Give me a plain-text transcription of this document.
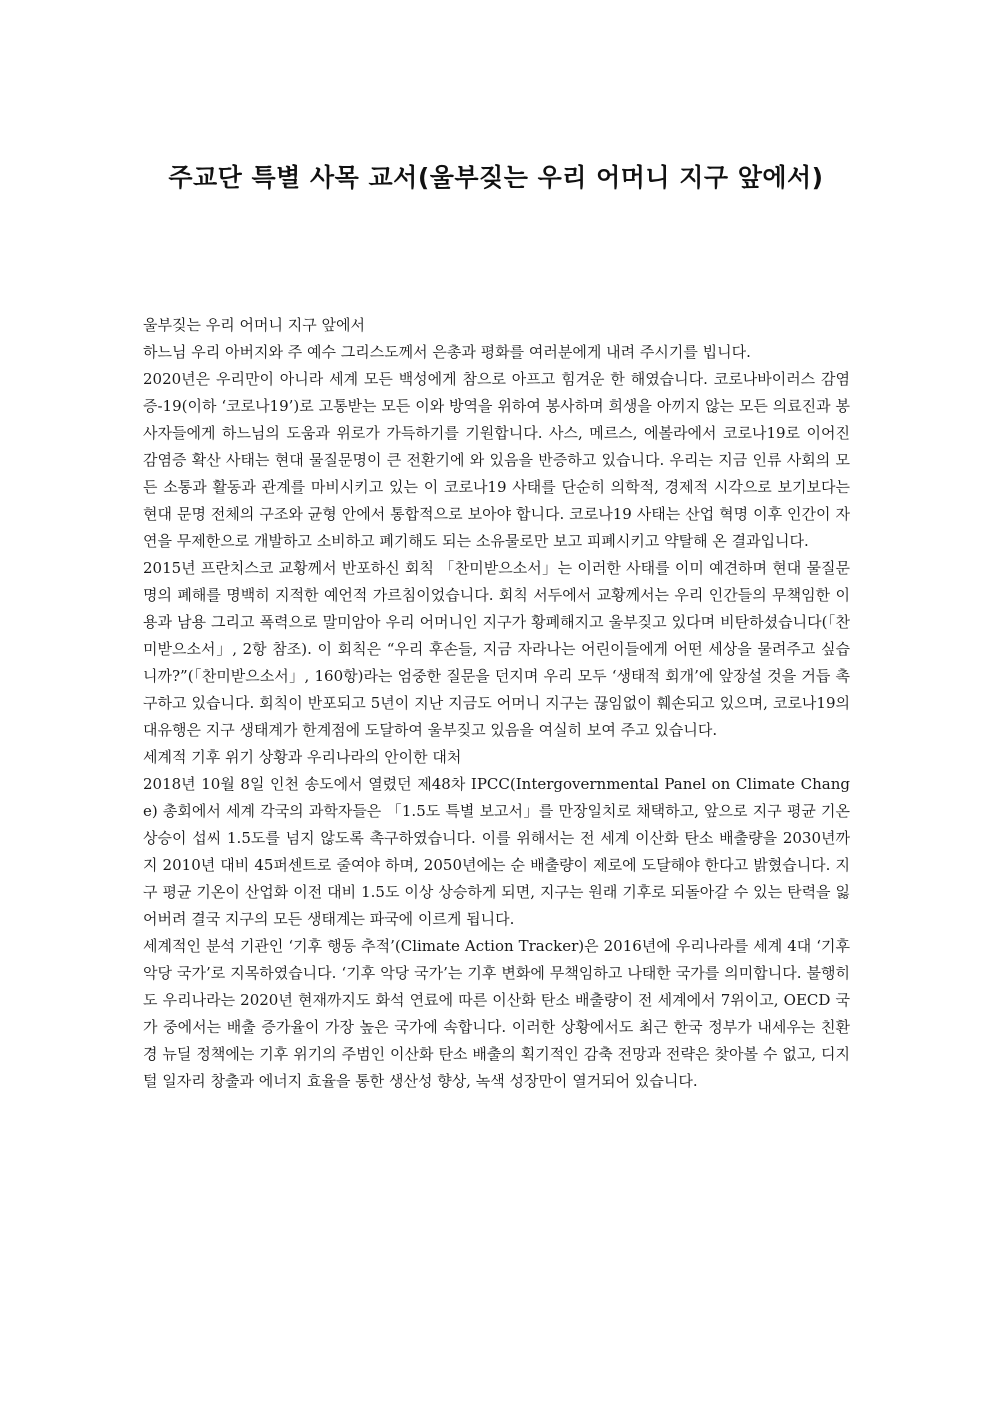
주교단 특별 사목 교서(울부짖는 우리 어머니 지구 앞에서)

울부짖는 우리 어머니 지구 앞에서

하느님 우리 아버지와 주 예수 그리스도께서 은총과 평화를 여러분에게 내려 주시기를 빕니다.

2020년은 우리만이 아니라 세계 모든 백성에게 참으로 아프고 힘겨운 한 해였습니다. 코로나바이러스 감염증-19(이하 ‘코로나19’)로 고통받는 모든 이와 방역을 위하여 봉사하며 희생을 아끼지 않는 모든 의료진과 봉사자들에게 하느님의 도움과 위로가 가득하기를 기원합니다. 사스, 메르스, 에볼라에서 코로나19로 이어진 감염증 확산 사태는 현대 물질문명이 큰 전환기에 와 있음을 반증하고 있습니다. 우리는 지금 인류 사회의 모든 소통과 활동과 관계를 마비시키고 있는 이 코로나19 사태를 단순히 의학적, 경제적 시각으로 보기보다는 현대 문명 전체의 구조와 균형 안에서 통합적으로 보아야 합니다. 코로나19 사태는 산업 혁명 이후 인간이 자연을 무제한으로 개발하고 소비하고 폐기해도 되는 소유물로만 보고 피폐시키고 약탈해 온 결과입니다.

2015년 프란치스코 교황께서 반포하신 회칙 「찬미받으소서」는 이러한 사태를 이미 예견하며 현대 물질문명의 폐해를 명백히 지적한 예언적 가르침이었습니다. 회칙 서두에서 교황께서는 우리 인간들의 무책임한 이용과 남용 그리고 폭력으로 말미암아 우리 어머니인 지구가 황폐해지고 울부짖고 있다며 비탄하셨습니다(「찬미받으소서」, 2항 참조). 이 회칙은 “우리 후손들, 지금 자라나는 어린이들에게 어떤 세상을 물려주고 싶습니까?”(「찬미받으소서」, 160항)라는 엄중한 질문을 던지며 우리 모두 ‘생태적 회개’에 앞장설 것을 거듭 촉구하고 있습니다. 회칙이 반포되고 5년이 지난 지금도 어머니 지구는 끊임없이 훼손되고 있으며, 코로나19의 대유행은 지구 생태계가 한계점에 도달하여 울부짖고 있음을 여실히 보여 주고 있습니다.

세계적 기후 위기 상황과 우리나라의 안이한 대처

2018년 10월 8일 인천 송도에서 열렸던 제48차 IPCC(Intergovernmental Panel on Climate Change) 총회에서 세계 각국의 과학자들은 「1.5도 특별 보고서」를 만장일치로 채택하고, 앞으로 지구 평균 기온 상승이 섭씨 1.5도를 넘지 않도록 촉구하였습니다. 이를 위해서는 전 세계 이산화 탄소 배출량을 2030년까지 2010년 대비 45퍼센트로 줄여야 하며, 2050년에는 순 배출량이 제로에 도달해야 한다고 밝혔습니다. 지구 평균 기온이 산업화 이전 대비 1.5도 이상 상승하게 되면, 지구는 원래 기후로 되돌아갈 수 있는 탄력을 잃어버려 결국 지구의 모든 생태계는 파국에 이르게 됩니다.

세계적인 분석 기관인 ‘기후 행동 추적’(Climate Action Tracker)은 2016년에 우리나라를 세계 4대 ‘기후 악당 국가’로 지목하였습니다. ‘기후 악당 국가’는 기후 변화에 무책임하고 나태한 국가를 의미합니다. 불행히도 우리나라는 2020년 현재까지도 화석 연료에 따른 이산화 탄소 배출량이 전 세계에서 7위이고, OECD 국가 중에서는 배출 증가율이 가장 높은 국가에 속합니다. 이러한 상황에서도 최근 한국 정부가 내세우는 친환경 뉴딜 정책에는 기후 위기의 주범인 이산화 탄소 배출의 획기적인 감축 전망과 전략은 찾아볼 수 없고, 디지털 일자리 창출과 에너지 효율을 통한 생산성 향상, 녹색 성장만이 열거되어 있습니다.
